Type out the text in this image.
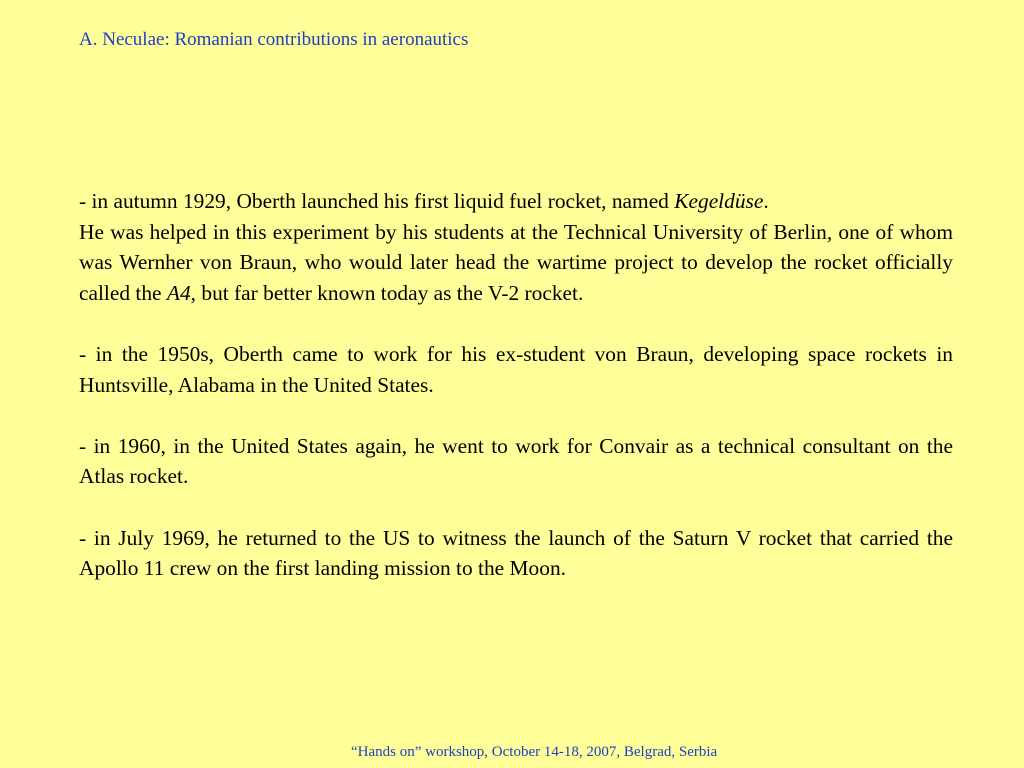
A. Neculae: Romanian contributions in aeronautics

- in autumn 1929, Oberth launched his first liquid fuel rocket, named Kegeldüse.

He was helped in this experiment by his students at the Technical University of Berlin, one of whom was Wernher von Braun, who would later head the wartime project to develop the rocket officially called the A4, but far better known today as the V-2 rocket.

- in the 1950s, Oberth came to work for his ex-student von Braun, developing space rockets in Huntsville, Alabama in the United States.

- in 1960, in the United States again, he went to work for Convair as a technical consultant on the Atlas rocket.

- in July 1969, he returned to the US to witness the launch of the Saturn V rocket that carried the Apollo 11 crew on the first landing mission to the Moon.

“Hands on” workshop, October 14-18, 2007, Belgrad, Serbia
